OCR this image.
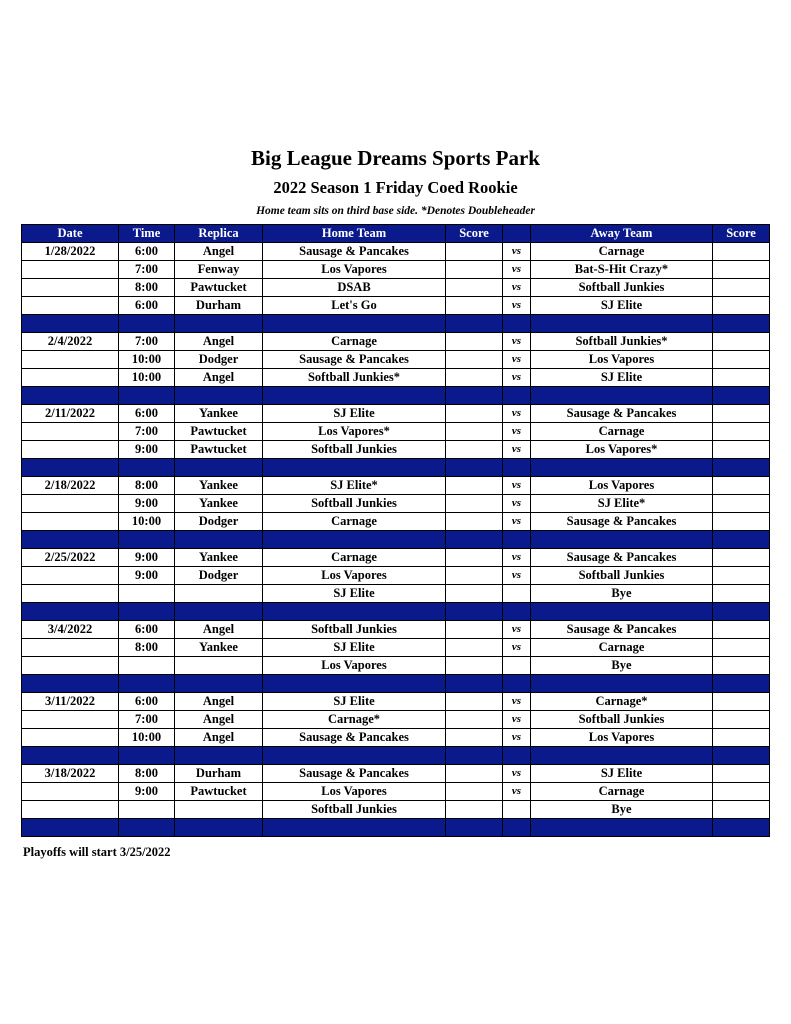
Big League Dreams Sports Park
2022 Season 1 Friday Coed Rookie
Home team sits on third base side. *Denotes Doubleheader
Date	Time	Replica	Home Team	Score		Away Team	Score
1/28/2022	6:00	Angel	Sausage & Pancakes		vs	Carnage	
	7:00	Fenway	Los Vapores		vs	Bat-S-Hit Crazy*	
	8:00	Pawtucket	DSAB		vs	Softball Junkies	
	6:00	Durham	Let's Go		vs	SJ Elite	

2/4/2022	7:00	Angel	Carnage		vs	Softball Junkies*	
	10:00	Dodger	Sausage & Pancakes		vs	Los Vapores	
	10:00	Angel	Softball Junkies*		vs	SJ Elite	

2/11/2022	6:00	Yankee	SJ Elite		vs	Sausage & Pancakes	
	7:00	Pawtucket	Los Vapores*		vs	Carnage	
	9:00	Pawtucket	Softball Junkies		vs	Los Vapores*	

2/18/2022	8:00	Yankee	SJ Elite*		vs	Los Vapores	
	9:00	Yankee	Softball Junkies		vs	SJ Elite*	
	10:00	Dodger	Carnage		vs	Sausage & Pancakes	

2/25/2022	9:00	Yankee	Carnage		vs	Sausage & Pancakes	
	9:00	Dodger	Los Vapores		vs	Softball Junkies	
			SJ Elite			Bye	

3/4/2022	6:00	Angel	Softball Junkies		vs	Sausage & Pancakes	
	8:00	Yankee	SJ Elite		vs	Carnage	
			Los Vapores			Bye	

3/11/2022	6:00	Angel	SJ Elite		vs	Carnage*	
	7:00	Angel	Carnage*		vs	Softball Junkies	
	10:00	Angel	Sausage & Pancakes		vs	Los Vapores	

3/18/2022	8:00	Durham	Sausage & Pancakes		vs	SJ Elite	
	9:00	Pawtucket	Los Vapores		vs	Carnage	
			Softball Junkies			Bye	

Playoffs will start 3/25/2022
